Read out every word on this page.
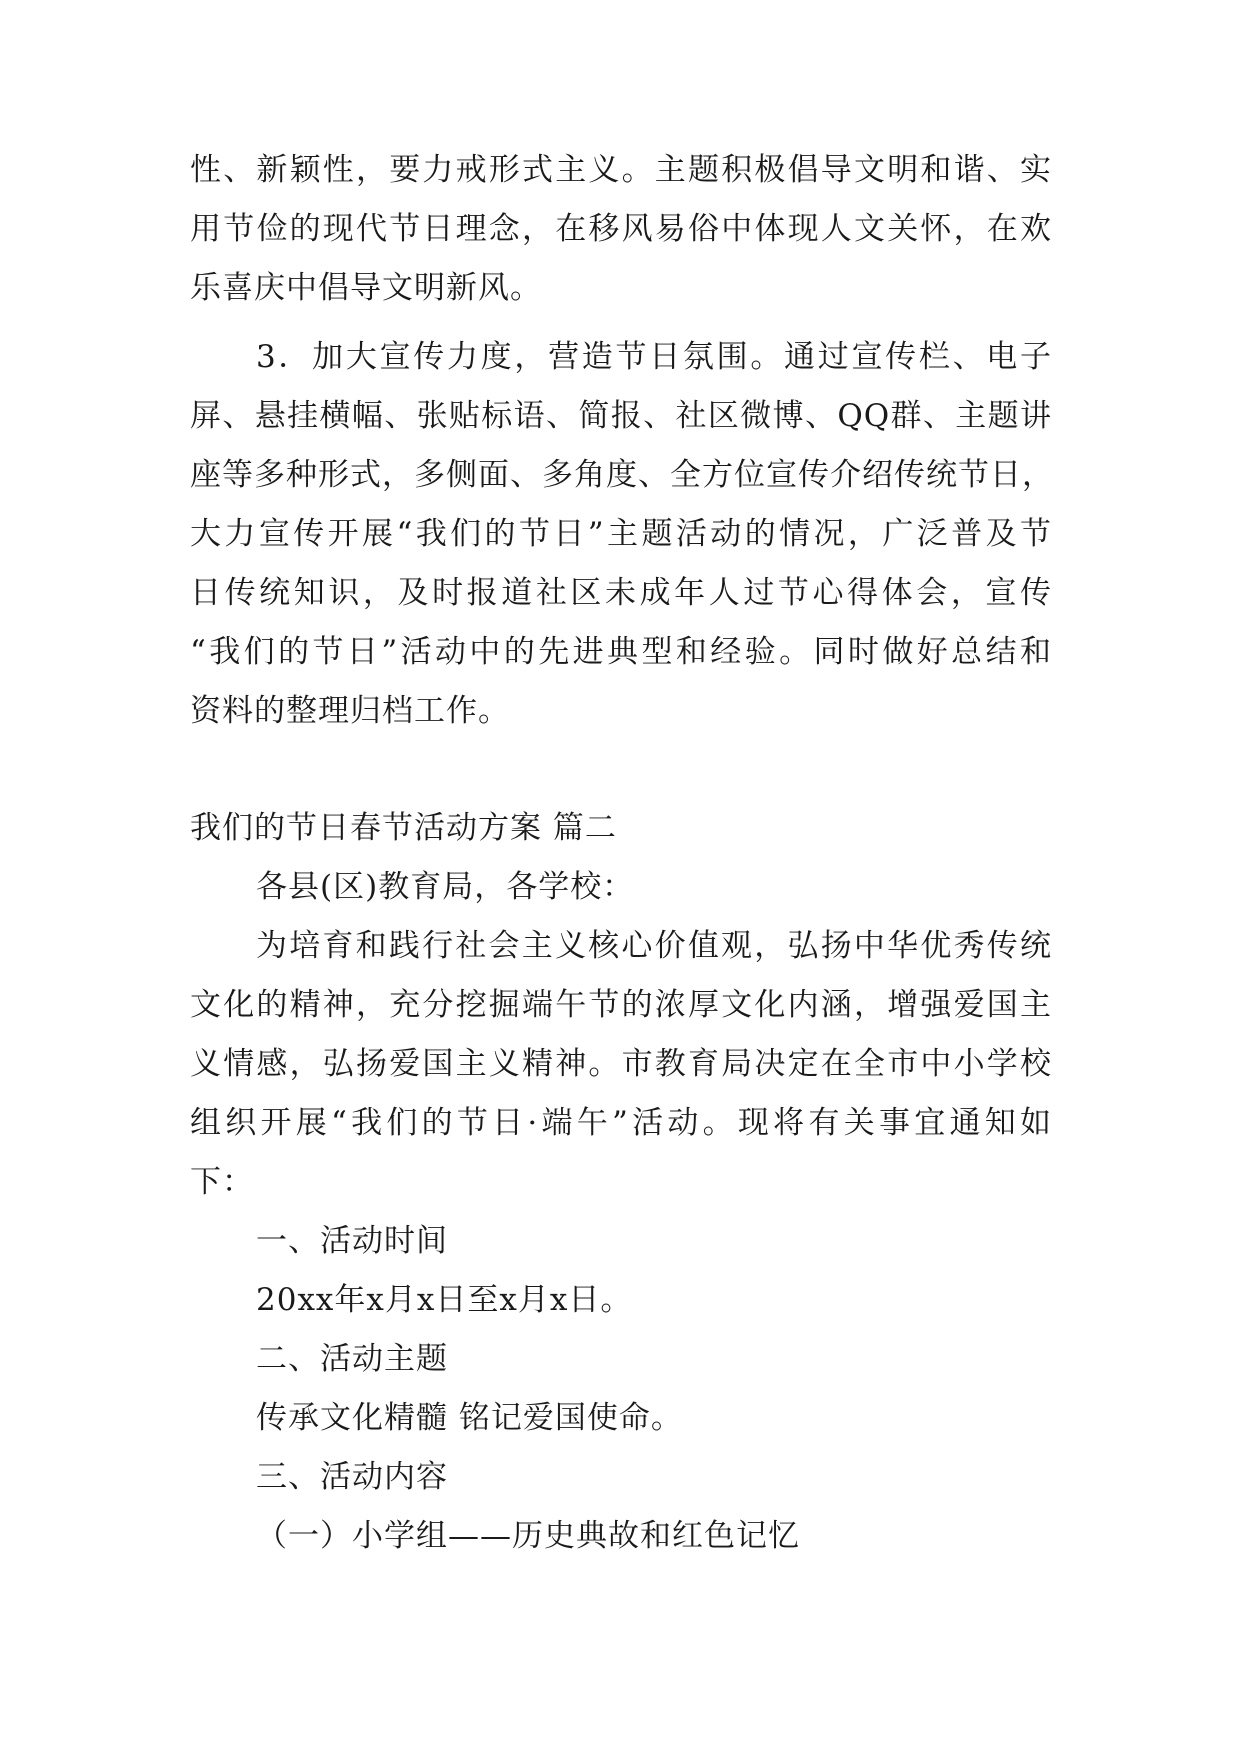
性、新颖性，要力戒形式主义。主题积极倡导文明和谐、实
用节俭的现代节日理念，在移风易俗中体现人文关怀，在欢
乐喜庆中倡导文明新风。
3．加大宣传力度，营造节日氛围。通过宣传栏、电子
屏、悬挂横幅、张贴标语、简报、社区微博、QQ群、主题讲
座等多种形式，多侧面、多角度、全方位宣传介绍传统节日，
大力宣传开展“我们的节日”主题活动的情况，广泛普及节
日传统知识，及时报道社区未成年人过节心得体会，宣传
“我们的节日”活动中的先进典型和经验。同时做好总结和
资料的整理归档工作。
我们的节日春节活动方案 篇二
各县(区)教育局，各学校：
为培育和践行社会主义核心价值观，弘扬中华优秀传统
文化的精神，充分挖掘端午节的浓厚文化内涵，增强爱国主
义情感，弘扬爱国主义精神。市教育局决定在全市中小学校
组织开展“我们的节日·端午”活动。现将有关事宜通知如
下：
一、活动时间
20xx年x月x日至x月x日。
二、活动主题
传承文化精髓 铭记爱国使命。
三、活动内容
（一）小学组——历史典故和红色记忆
